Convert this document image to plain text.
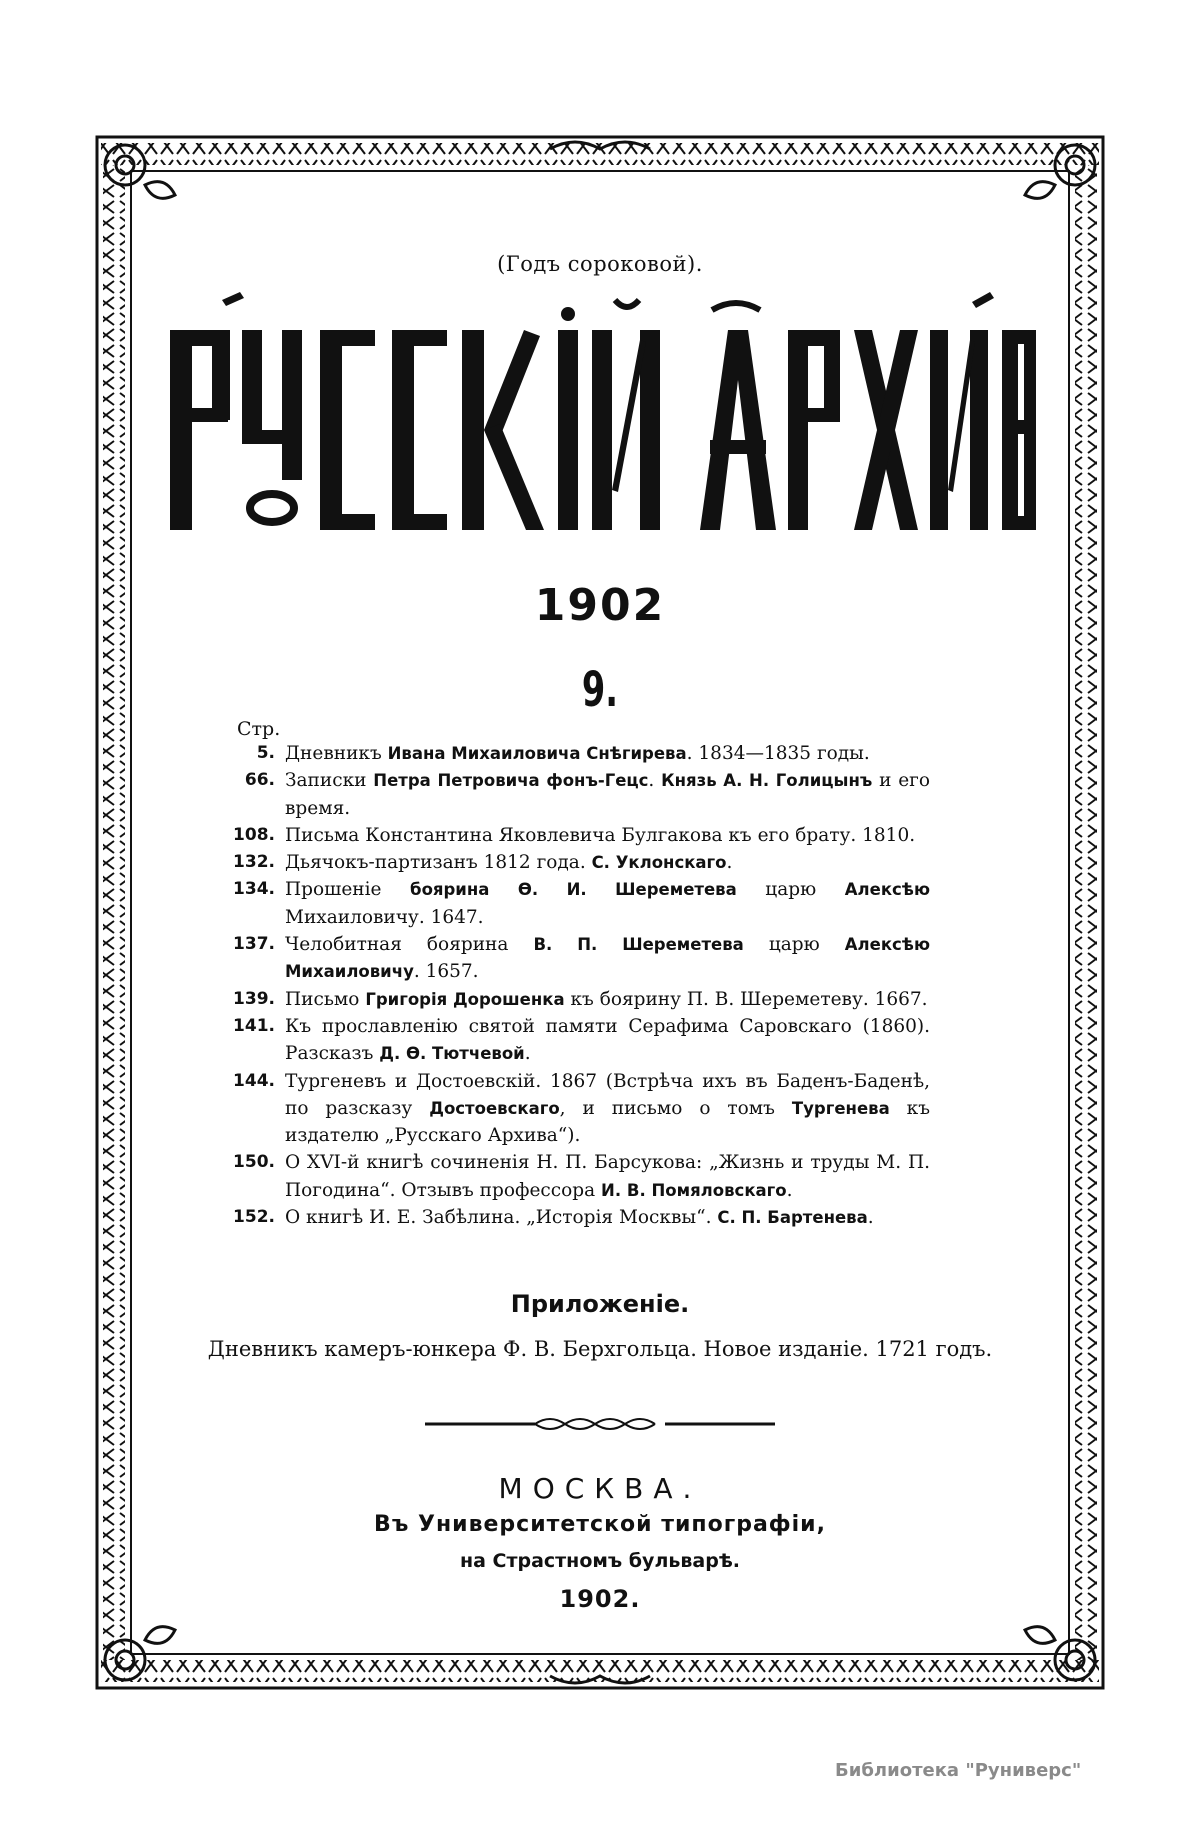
(Годъ сороковой).
1902
9.
Стр.
5. Дневникъ Ивана Михаиловича Снѣгирева. 1834—1835 годы.
66. Записки Петра Петровича фонъ-Гецс. Князь А. Н. Голицынъ и его время.
108. Письма Константина Яковлевича Булгакова къ его брату. 1810.
132. Дьячокъ-партизанъ 1812 года. С. Уклонскаго.
134. Прошеніе боярина Ѳ. И. Шереметева царю Алексѣю Михаиловичу. 1647.
137. Челобитная боярина В. П. Шереметева царю Алексѣю Михаиловичу. 1657.
139. Письмо Григорія Дорошенка къ боярину П. В. Шереметеву. 1667.
141. Къ прославленію святой памяти Серафима Саровскаго (1860). Разсказъ Д. Ѳ. Тютчевой.
144. Тургеневъ и Достоевскій. 1867 (Встрѣча ихъ въ Баденъ-Баденѣ, по разсказу Достоевскаго, и письмо о томъ Тургенева къ издателю „Русскаго Архива“).
150. О XVI-й книгѣ сочиненія Н. П. Барсукова: „Жизнь и труды М. П. Погодина“. Отзывъ профессора И. В. Помяловскаго.
152. О книгѣ И. Е. Забѣлина. „Исторія Москвы“. С. П. Бартенева.
Приложеніе.
Дневникъ камеръ-юнкера Ф. В. Берхгольца. Новое изданіе. 1721 годъ.
МОСКВА.
Въ Университетской типографіи,
на Страстномъ бульварѣ.
1902.
Библиотека "Руниверс"
